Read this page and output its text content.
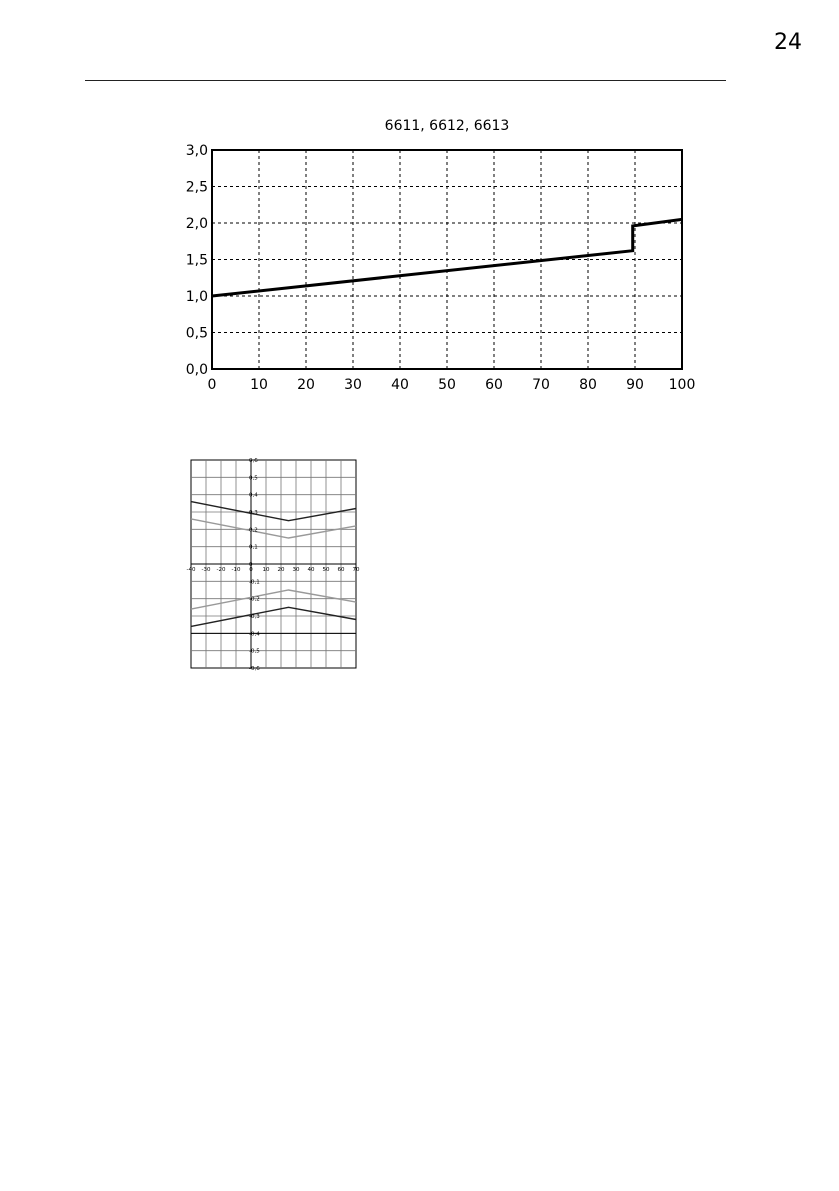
24
0 10 20 30 40 50 60 70 80 90 100
0,0
0,5
1,0
1,5
2,0
2,5
3,0
6611, 6612, 6613
-40 -30 -20 -10 0 10 20 30 40 50 60 70
-0,6
-0,5
-0,4
-0,3
-0,2
-0,1
0
0,1
0,2
0,3
0,4
0,5
0,6
